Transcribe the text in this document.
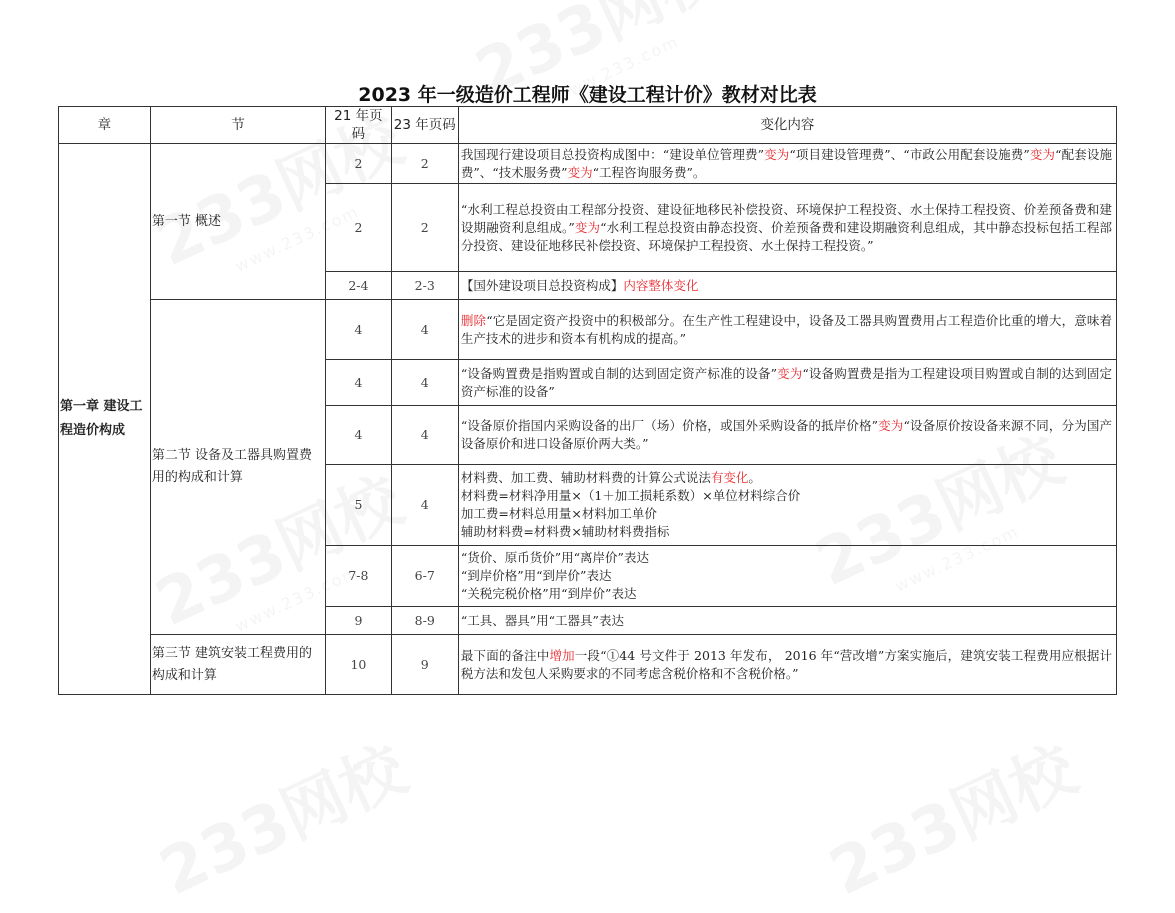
2023 年一级造价工程师《建设工程计价》教材对比表
章	节	21 年页码	23 年页码	变化内容
第一章 建设工程造价构成	第一节 概述	2	2	我国现行建设项目总投资构成图中：“建设单位管理费”变为“项目建设管理费”、“市政公用配套设施费”变为“配套设施费”、“技术服务费”变为“工程咨询服务费”。
		2	2	“水利工程总投资由工程部分投资、建设征地移民补偿投资、环境保护工程投资、水土保持工程投资、价差预备费和建设期融资利息组成。”变为“水利工程总投资由静态投资、价差预备费和建设期融资利息组成，其中静态投标包括工程部分投资、建设征地移民补偿投资、环境保护工程投资、水土保持工程投资。”
		2-4	2-3	【国外建设项目总投资构成】内容整体变化
	第二节 设备及工器具购置费用的构成和计算	4	4	删除“它是固定资产投资中的积极部分。在生产性工程建设中，设备及工器具购置费用占工程造价比重的增大，意味着生产技术的进步和资本有机构成的提高。”
		4	4	“设备购置费是指购置或自制的达到固定资产标准的设备”变为“设备购置费是指为工程建设项目购置或自制的达到固定资产标准的设备”
		4	4	“设备原价指国内采购设备的出厂（场）价格，或国外采购设备的抵岸价格”变为“设备原价按设备来源不同，分为国产设备原价和进口设备原价两大类。”
		5	4	材料费、加工费、辅助材料费的计算公式说法有变化。
材料费=材料净用量×（1＋加工损耗系数）×单位材料综合价
加工费=材料总用量×材料加工单价
辅助材料费=材料费×辅助材料费指标

		7-8	6-7	“货价、原币货价”用“离岸价”表达
“到岸价格”用“到岸价”表达
“关税完税价格”用“到岸价”表达

		9	8-9	“工具、器具”用“工器具”表达
	第三节 建筑安装工程费用的构成和计算	10	9	最下面的备注中增加一段“①44 号文件于 2013 年发布， 2016 年“营改增”方案实施后，建筑安装工程费用应根据计税方法和发包人采购要求的不同考虑含税价格和不含税价格。”
